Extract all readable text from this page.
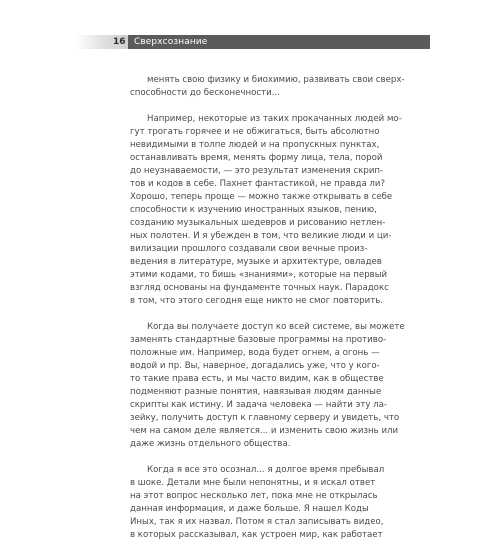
16 Сверхсознание
менять свою физику и биохимию, развивать свои сверх-
способности до бесконечности...
Например, некоторые из таких прокачанных людей мо-
гут трогать горячее и не обжигаться, быть абсолютно
невидимыми в толпе людей и на пропускных пунктах,
останавливать время, менять форму лица, тела, порой
до неузнаваемости, — это результат изменения скрип-
тов и кодов в себе. Пахнет фантастикой, не правда ли?
Хорошо, теперь проще — можно также открывать в себе
способности к изучению иностранных языков, пению,
созданию музыкальных шедевров и рисованию нетлен-
ных полотен. И я убежден в том, что великие люди и ци-
вилизации прошлого создавали свои вечные произ-
ведения в литературе, музыке и архитектуре, овладев
этими кодами, то бишь «знаниями», которые на первый
взгляд основаны на фундаменте точных наук. Парадокс
в том, что этого сегодня еще никто не смог повторить.
Когда вы получаете доступ ко всей системе, вы можете
заменять стандартные базовые программы на противо-
положные им. Например, вода будет огнем, а огонь —
водой и пр. Вы, наверное, догадались уже, что у кого-
то такие права есть, и мы часто видим, как в обществе
подменяют разные понятия, навязывая людям данные
скрипты как истину. И задача человека — найти эту ла-
зейку, получить доступ к главному серверу и увидеть, что
чем на самом деле является... и изменить свою жизнь или
даже жизнь отдельного общества.
Когда я все это осознал... я долгое время пребывал
в шоке. Детали мне были непонятны, и я искал ответ
на этот вопрос несколько лет, пока мне не открылась
данная информация, и даже больше. Я нашел Коды
Иных, так я их назвал. Потом я стал записывать видео,
в которых рассказывал, как устроен мир, как работает
